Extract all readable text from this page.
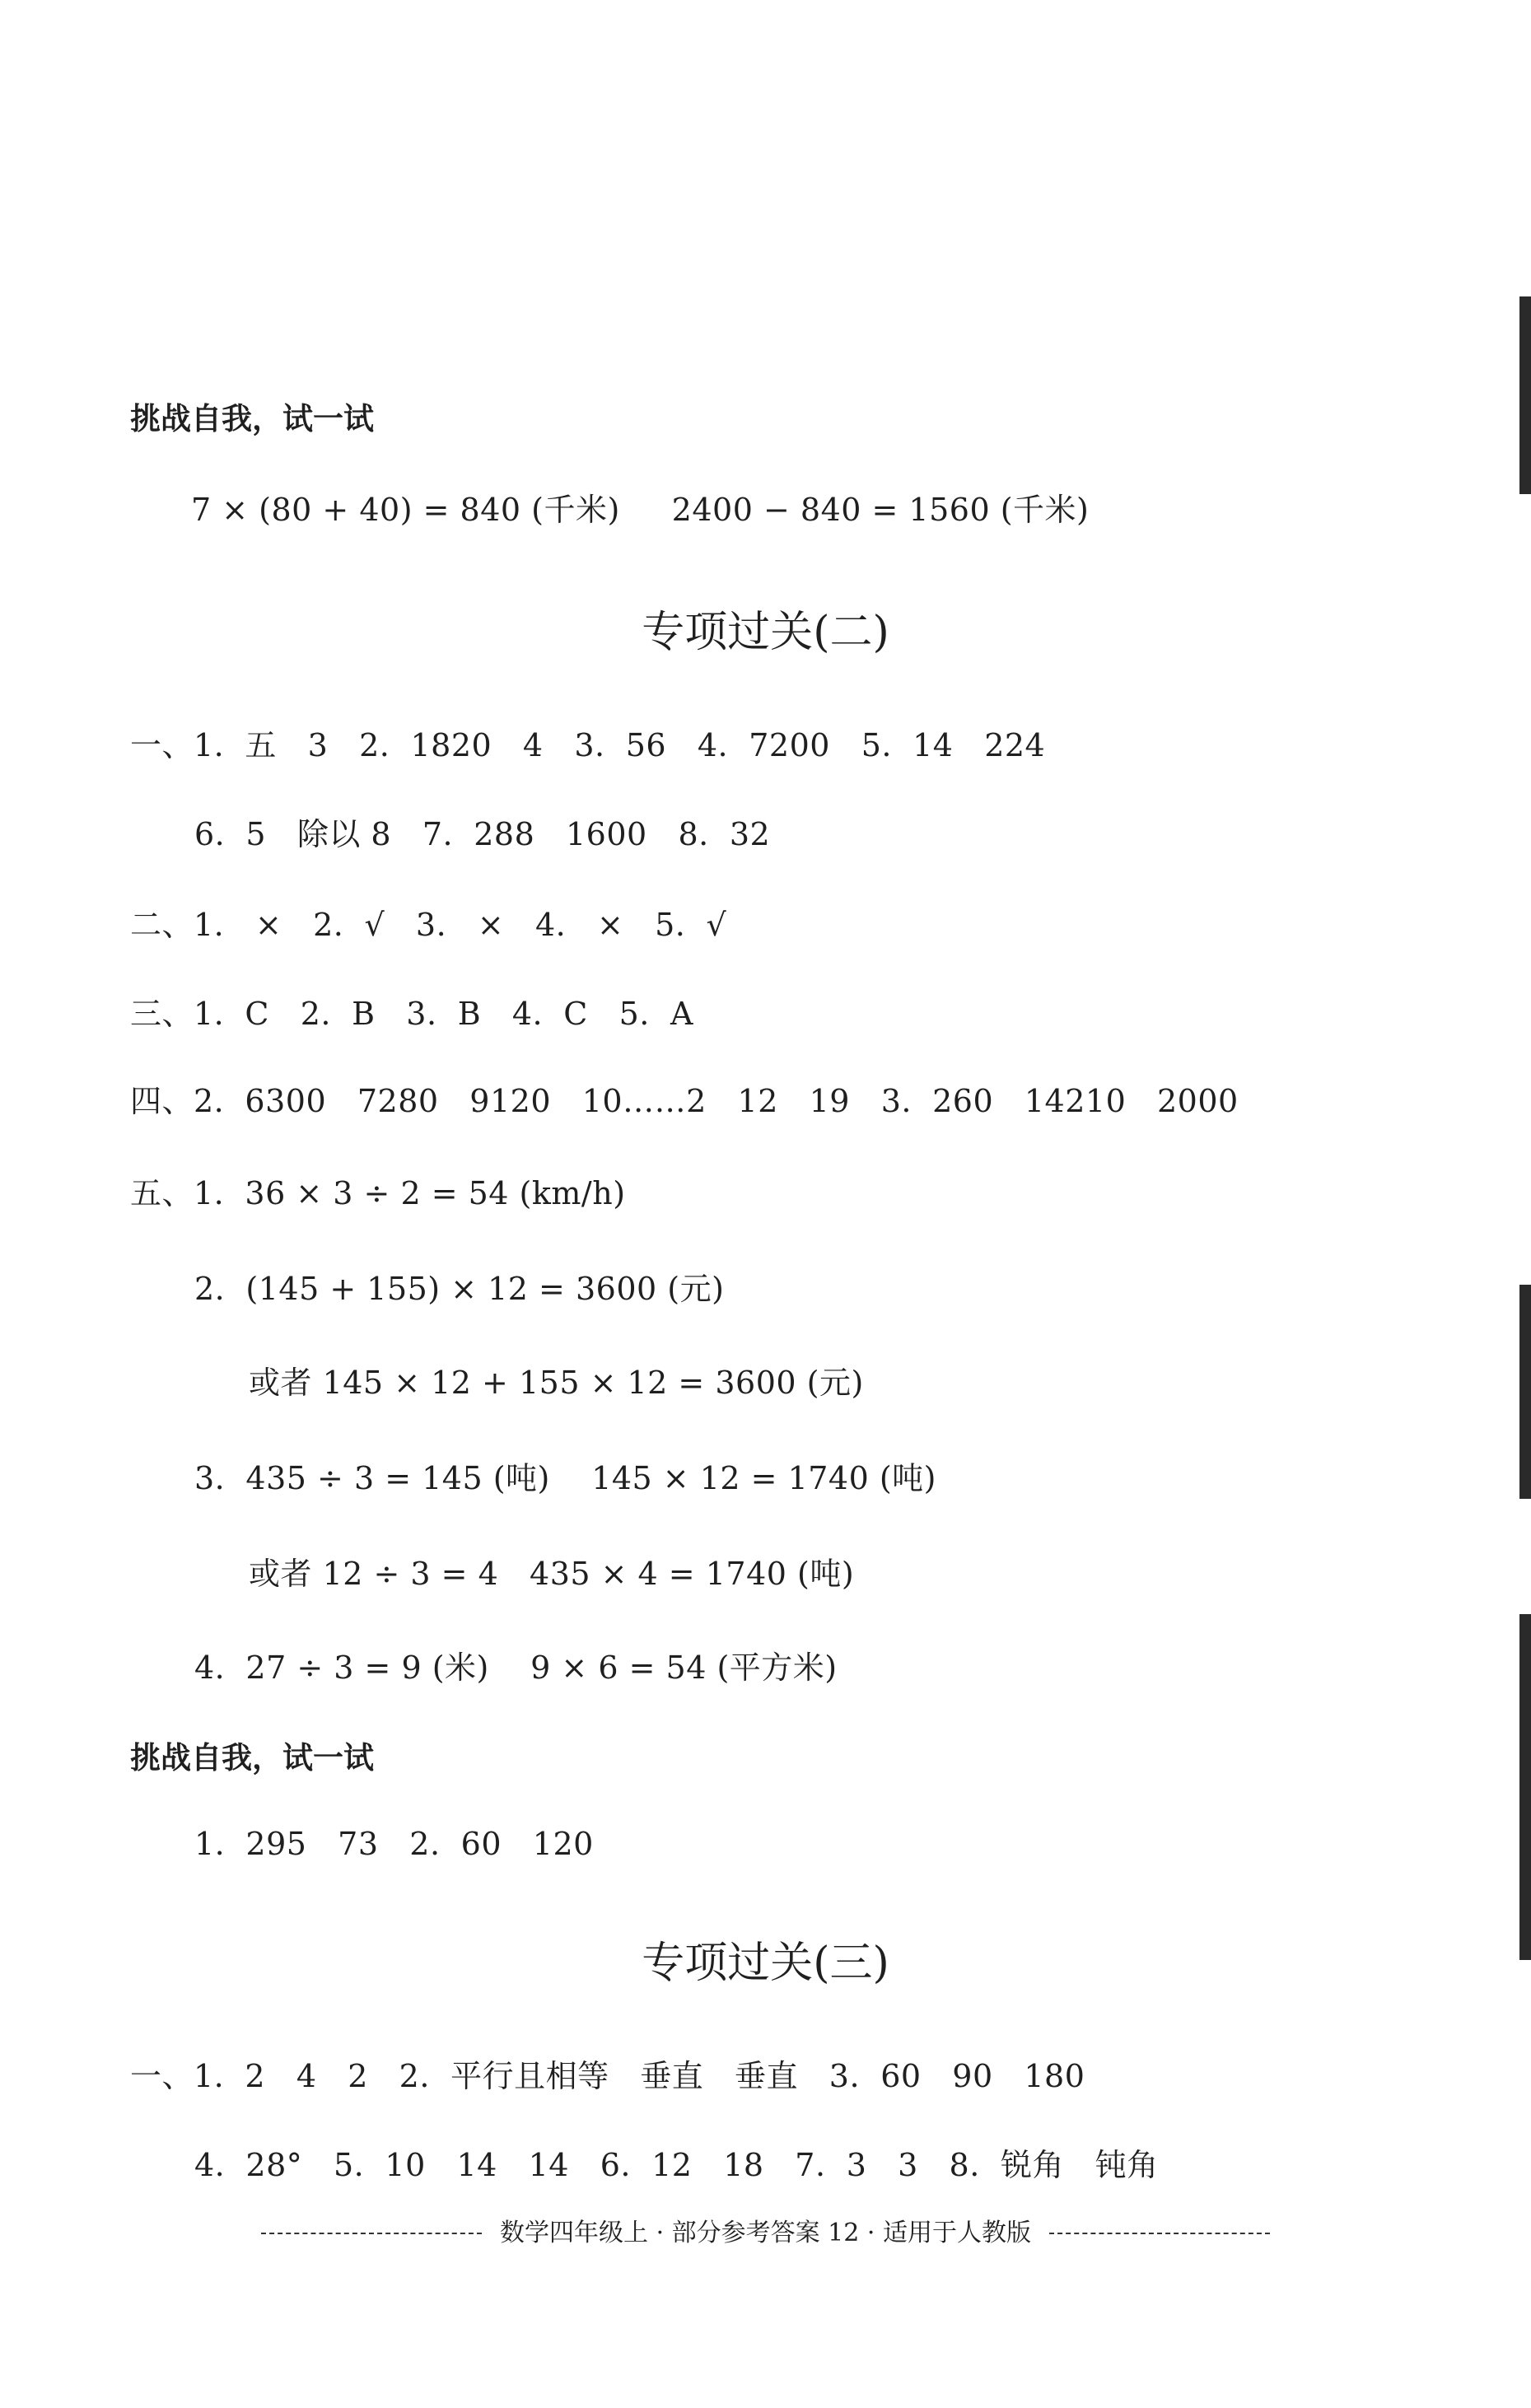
挑战自我，试一试
7 × (80 + 40) = 840 (千米)     2400 − 840 = 1560 (千米)
专项过关(二)
一、1.  五   3   2.  1820   4   3.  56   4.  7200   5.  14   224
6.  5   除以 8   7.  288   1600   8.  32
二、1.   ×   2.  √   3.   ×   4.   ×   5.  √
三、1.  C   2.  B   3.  B   4.  C   5.  A
四、2.  6300   7280   9120   10……2   12   19   3.  260   14210   2000
五、1.  36 × 3 ÷ 2 = 54 (km/h)
2.  (145 + 155) × 12 = 3600 (元)
或者 145 × 12 + 155 × 12 = 3600 (元)
3.  435 ÷ 3 = 145 (吨)    145 × 12 = 1740 (吨)
或者 12 ÷ 3 = 4   435 × 4 = 1740 (吨)
4.  27 ÷ 3 = 9 (米)    9 × 6 = 54 (平方米)
挑战自我，试一试
1.  295   73   2.  60   120
专项过关(三)
一、1.  2   4   2   2.  平行且相等   垂直   垂直   3.  60   90   180
4.  28°   5.  10   14   14   6.  12   18   7.  3   3   8.  锐角   钝角
数学四年级上 · 部分参考答案 12 · 适用于人教版
